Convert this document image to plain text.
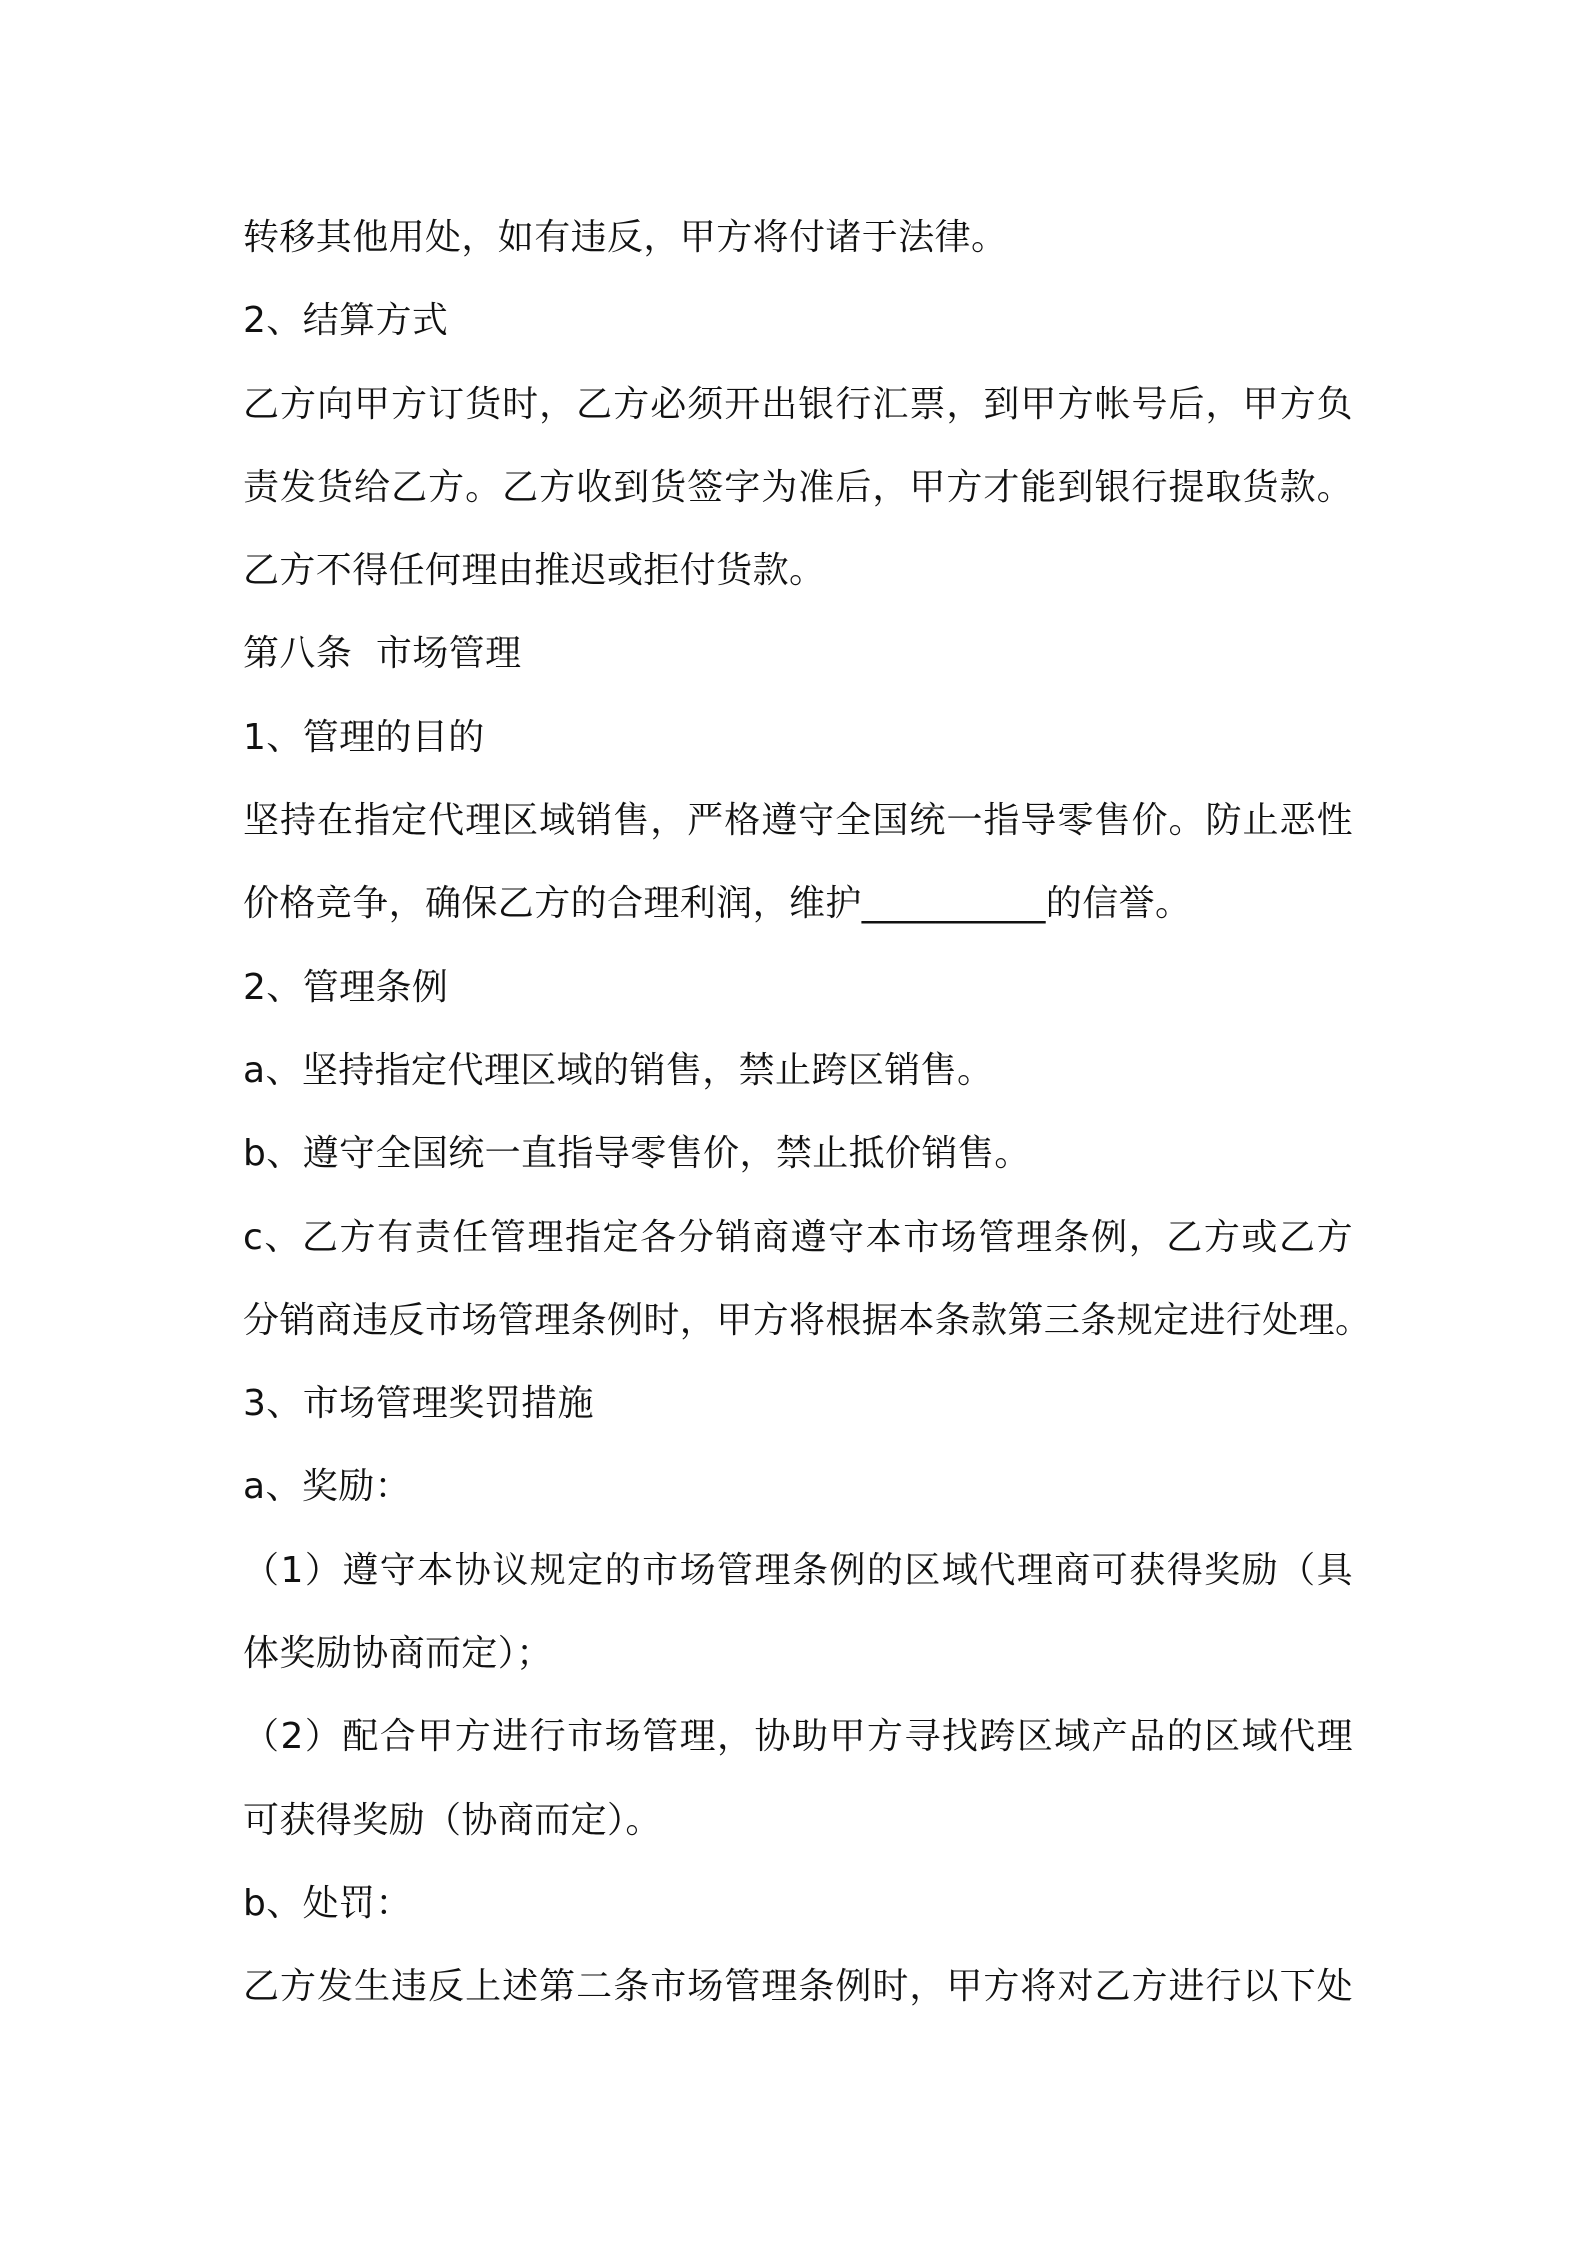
转移其他用处，如有违反，甲方将付诸于法律。
2、结算方式
乙方向甲方订货时，乙方必须开出银行汇票，到甲方帐号后，甲方负
责发货给乙方。乙方收到货签字为准后，甲方才能到银行提取货款。
乙方不得任何理由推迟或拒付货款。
第八条  市场管理
1、管理的目的
坚持在指定代理区域销售，严格遵守全国统一指导零售价。防止恶性
价格竞争，确保乙方的合理利润，维护__________的信誉。
2、管理条例
a、坚持指定代理区域的销售，禁止跨区销售。
b、遵守全国统一直指导零售价，禁止抵价销售。
c、乙方有责任管理指定各分销商遵守本市场管理条例，乙方或乙方
分销商违反市场管理条例时，甲方将根据本条款第三条规定进行处理。
3、市场管理奖罚措施
a、奖励：
（1）遵守本协议规定的市场管理条例的区域代理商可获得奖励（具
体奖励协商而定）；
（2）配合甲方进行市场管理，协助甲方寻找跨区域产品的区域代理
可获得奖励（协商而定）。
b、处罚：
乙方发生违反上述第二条市场管理条例时，甲方将对乙方进行以下处
